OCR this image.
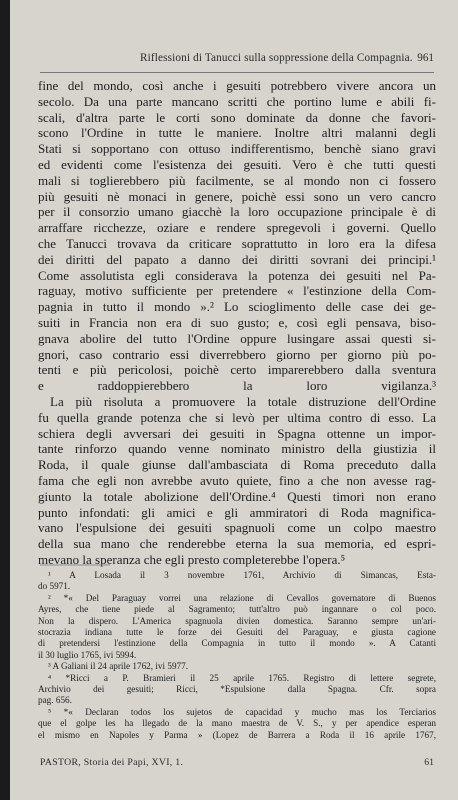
Riflessioni di Tanucci sulla soppressione della Compagnia. 961

fine del mondo, così anche i gesuiti potrebbero vivere ancora un

secolo. Da una parte mancano scritti che portino lume e abili fi-

scali, d'altra parte le corti sono dominate da donne che favori-

scono l'Ordine in tutte le maniere. Inoltre altri malanni degli

Stati si sopportano con ottuso indifferentismo, benchè siano gravi

ed evidenti come l'esistenza dei gesuiti. Vero è che tutti questi

mali si toglierebbero più facilmente, se al mondo non ci fossero

più gesuiti nè monaci in genere, poichè essi sono un vero cancro

per il consorzio umano giacchè la loro occupazione principale è di

arraffare ricchezze, oziare e rendere spregevoli i governi. Quello

che Tanucci trovava da criticare soprattutto in loro era la difesa

dei diritti del papato a danno dei diritti sovrani dei principi.¹

Come assolutista egli considerava la potenza dei gesuiti nel Pa-

raguay, motivo sufficiente per pretendere « l'estinzione della Com-

pagnia in tutto il mondo ».² Lo scioglimento delle case dei ge-

suiti in Francia non era di suo gusto; e, così egli pensava, biso-

gnava abolire del tutto l'Ordine oppure lusingare assai questi si-

gnori, caso contrario essi diverrebbero giorno per giorno più po-

tenti e più pericolosi, poichè certo imparerebbero dalla sventura

e raddoppierebbero la loro vigilanza.³

La più risoluta a promuovere la totale distruzione dell'Ordine

fu quella grande potenza che si levò per ultima contro di esso. La

schiera degli avversari dei gesuiti in Spagna ottenne un impor-

tante rinforzo quando venne nominato ministro della giustizia il

Roda, il quale giunse dall'ambasciata di Roma preceduto dalla

fama che egli non avrebbe avuto quiete, fino a che non avesse rag-

giunto la totale abolizione dell'Ordine.⁴ Questi timori non erano

punto infondati: gli amici e gli ammiratori di Roda magnifica-

vano l'espulsione dei gesuiti spagnuoli come un colpo maestro

della sua mano che renderebbe eterna la sua memoria, ed espri-

mevano la speranza che egli presto completerebbe l'opera.⁵

¹ A Losada il 3 novembre 1761, Archivio di Simancas, Esta-

do 5971.

² *« Del Paraguay vorrei una relazione di Cevallos governatore di Buenos

Ayres, che tiene piede al Sagramento; tutt'altro può ingannare o col poco.

Non la dispero. L'America spagnuola divien domestica. Saranno sempre un'ari-

stocrazia indiana tutte le forze dei Gesuiti del Paraguay, e giusta cagione

di pretendersi l'estinzione della Compagnia in tutto il mondo ». A Catanti

il 30 luglio 1765, ivi 5994.

³ A Galiani il 24 aprile 1762, ivi 5977.

⁴ *Ricci a P. Bramieri il 25 aprile 1765. Registro di lettere segrete,

Archivio dei gesuiti; Ricci, *Espulsione dalla Spagna. Cfr. sopra

pag. 656.

⁵ *« Declaran todos los sujetos de capacidad y mucho mas los Terciarios

que el golpe les ha llegado de la mano maestra de V. S., y per apendice esperan

el mismo en Napoles y Parma » (Lopez de Barrera a Roda il 16 aprile 1767,

PASTOR, Storia dei Papi, XVI, 1.	61
